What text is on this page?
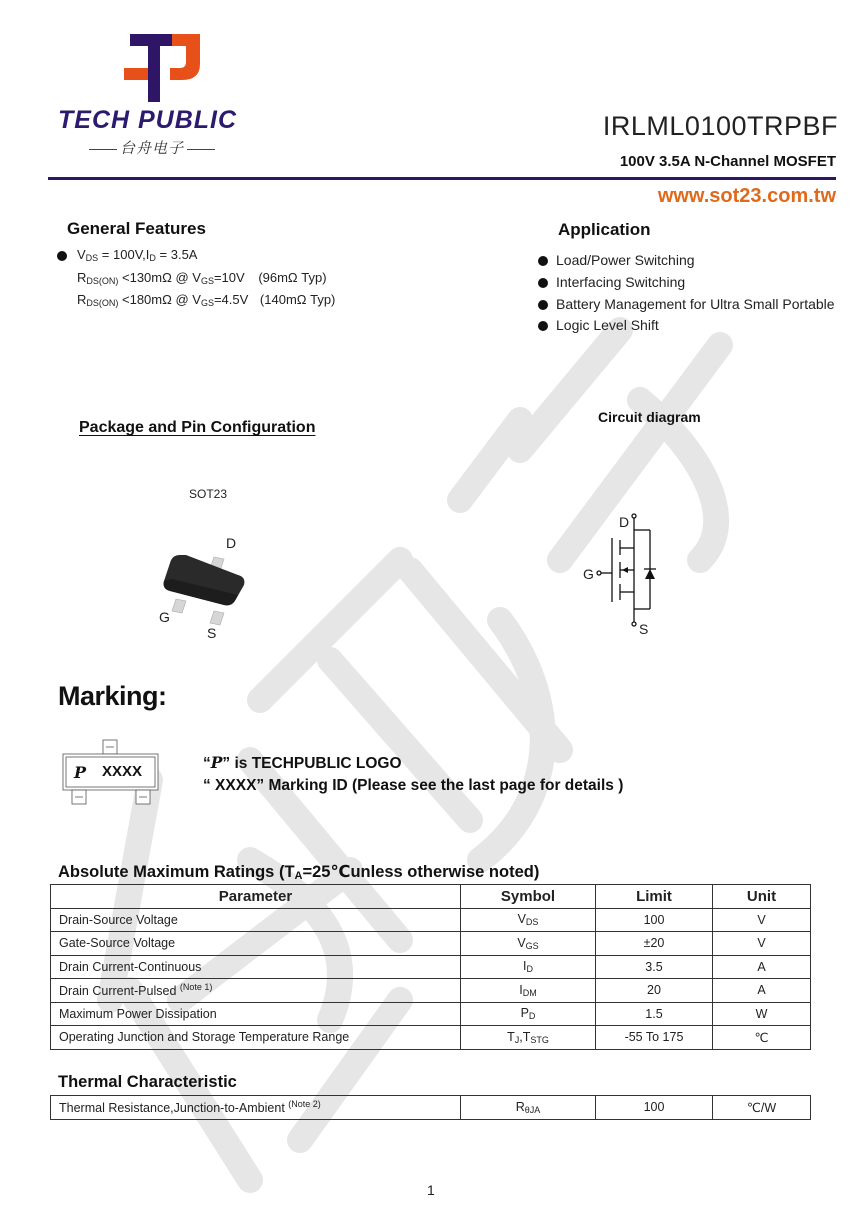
TECH PUBLIC
台舟电子
IRLML0100TRPBF
100V 3.5A N-Channel MOSFET
www.sot23.com.tw
General Features
$V_{DS} = 100V,I_D = 3.5A$
$R_{DS(ON)} <130m\Omega$ @ $V_{GS}=10V$ (96mΩ Typ)
$R_{DS(ON)} <180m\Omega$ @ $V_{GS}=4.5V$ (140mΩ Typ)
Application
Load/Power Switching
Interfacing Switching
Battery Management for Ultra Small Portable
Logic Level Shift
Package and Pin Configuration
SOT23
D
G
S
Circuit diagram
D
G
S
Marking:
P XXXX	“P” is TECHPUBLIC LOGO
“ XXXX” Marking ID (Please see the last page for details )
Absolute Maximum Ratings ($T_A=25℃unless$ otherwise noted)
Parameter	Symbol	Limit	Unit
Drain-Source Voltage	$V_{DS}$	100	V
Gate-Source Voltage	$V_{GS}$	±20	V
Drain Current-Continuous	$I_D$	3.5	A
Drain Current-Pulsed $^{(Note 1)}$	$I_{DM}$	20	A
Maximum Power Dissipation	$P_D$	1.5	W
Operating Junction and Storage Temperature Range	$T_J,T_{STG}$	-55 To 175	℃
Thermal Characteristic
Thermal Resistance,Junction-to-Ambient $^{(Note 2)}$	$R_{\theta JA}$	100	℃/W
1
